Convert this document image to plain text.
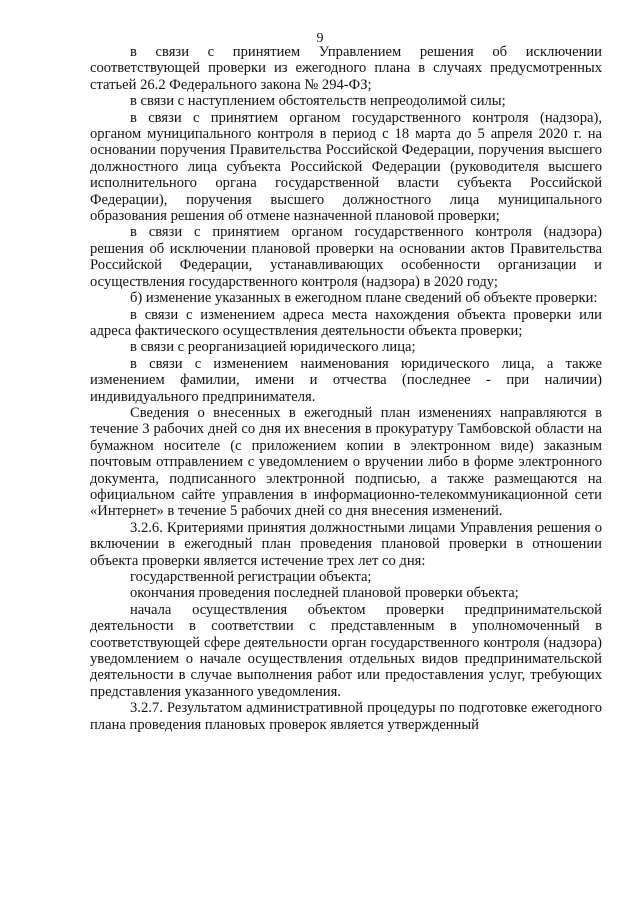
9

в связи с принятием Управлением решения об исключении соответствующей проверки из ежегодного плана в случаях предусмотренных статьей 26.2 Федерального закона № 294-ФЗ;

в связи с наступлением обстоятельств непреодолимой силы;

в связи с принятием органом государственного контроля (надзора), органом муниципального контроля в период с 18 марта до 5 апреля 2020 г. на основании поручения Правительства Российской Федерации, поручения высшего должностного лица субъекта Российской Федерации (руководителя высшего исполнительного органа государственной власти субъекта Российской Федерации), поручения высшего должностного лица муниципального образования решения об отмене назначенной плановой проверки;

в связи с принятием органом государственного контроля (надзора) решения об исключении плановой проверки на основании актов Правительства Российской Федерации, устанавливающих особенности организации и осуществления государственного контроля (надзора) в 2020 году;

б) изменение указанных в ежегодном плане сведений об объекте проверки:

в связи с изменением адреса места нахождения объекта проверки или адреса фактического осуществления деятельности объекта проверки;

в связи с реорганизацией юридического лица;

в связи с изменением наименования юридического лица, а также изменением фамилии, имени и отчества (последнее - при наличии) индивидуального предпринимателя.

Сведения о внесенных в ежегодный план изменениях направляются в течение 3 рабочих дней со дня их внесения в прокуратуру Тамбовской области на бумажном носителе (с приложением копии в электронном виде) заказным почтовым отправлением с уведомлением о вручении либо в форме электронного документа, подписанного электронной подписью, а также размещаются на официальном сайте управления в информационно-телекоммуникационной сети «Интернет» в течение 5 рабочих дней со дня внесения изменений.

3.2.6. Критериями принятия должностными лицами Управления решения о включении в ежегодный план проведения плановой проверки в отношении объекта проверки является истечение трех лет со дня:

государственной регистрации объекта;

окончания проведения последней плановой проверки объекта;

начала осуществления объектом проверки предпринимательской деятельности в соответствии с представленным в уполномоченный в соответствующей сфере деятельности орган государственного контроля (надзора) уведомлением о начале осуществления отдельных видов предпринимательской деятельности в случае выполнения работ или предоставления услуг, требующих представления указанного уведомления.

3.2.7. Результатом административной процедуры по подготовке ежегодного плана проведения плановых проверок является утвержденный
